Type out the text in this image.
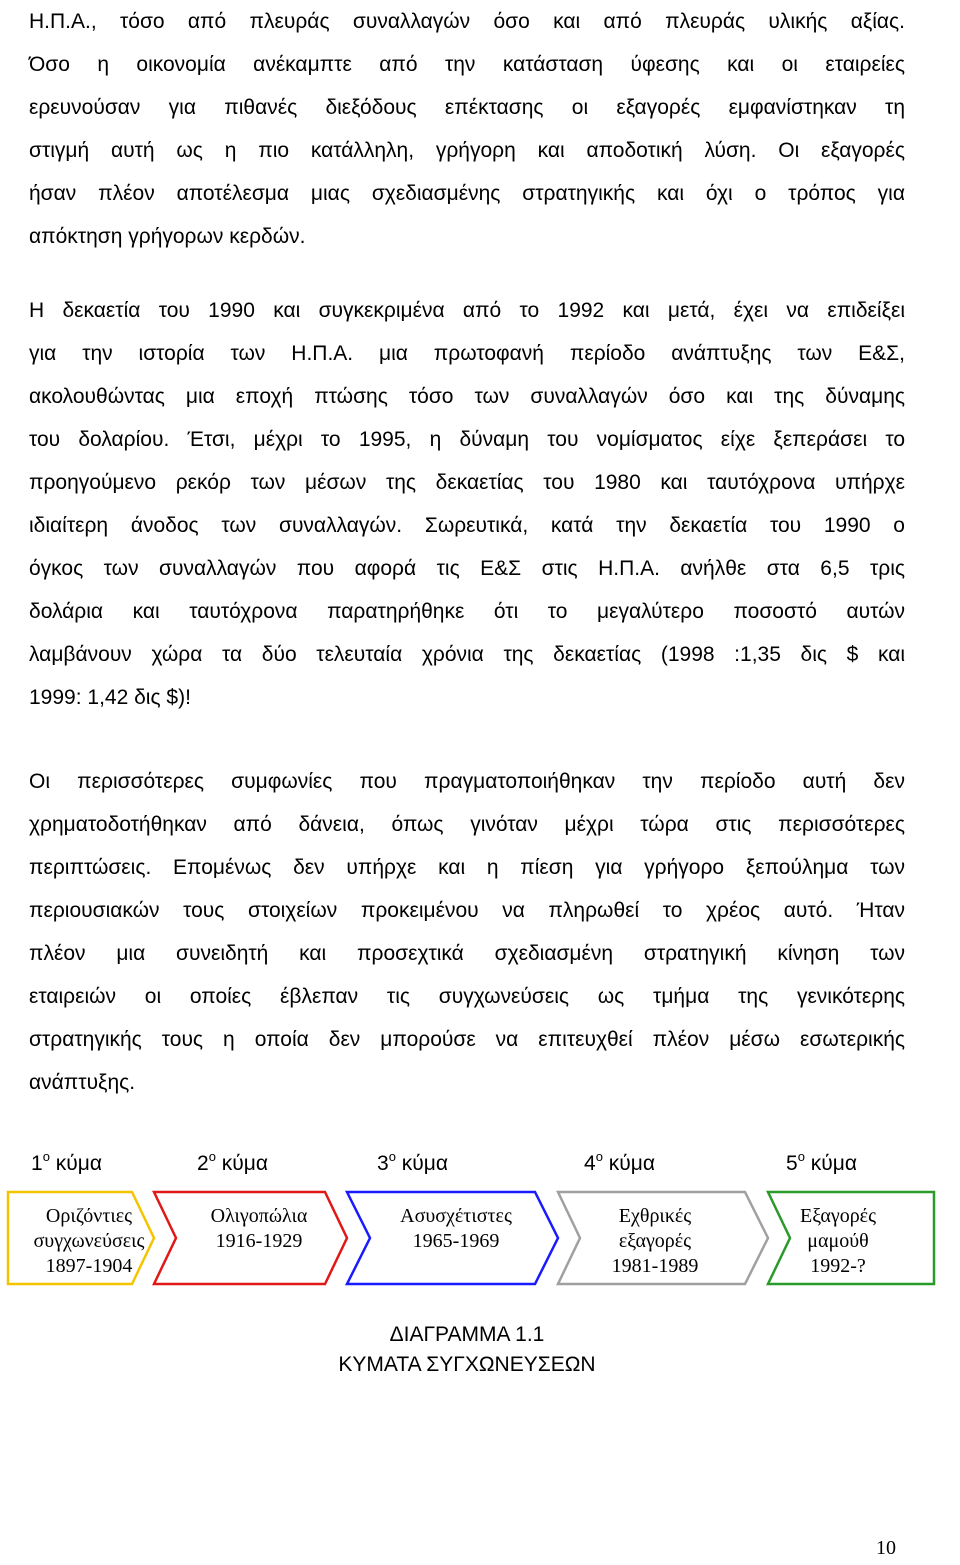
Η.Π.Α., τόσο από πλευράς συναλλαγών όσο και από πλευράς υλικής αξίας.
Όσο η οικονομία ανέκαμπτε από την κατάσταση ύφεσης και οι εταιρείες
ερευνούσαν για πιθανές διεξόδους επέκτασης οι εξαγορές εμφανίστηκαν τη
στιγμή αυτή ως η πιο κατάλληλη, γρήγορη και αποδοτική λύση. Οι εξαγορές
ήσαν πλέον αποτέλεσμα μιας σχεδιασμένης στρατηγικής και όχι ο τρόπος για
απόκτηση γρήγορων κερδών.
Η δεκαετία του 1990 και συγκεκριμένα από το 1992 και μετά, έχει να επιδείξει
για την ιστορία των Η.Π.Α. μια πρωτοφανή περίοδο ανάπτυξης των Ε&Σ,
ακολουθώντας μια εποχή πτώσης τόσο των συναλλαγών όσο και της δύναμης
του δολαρίου. Έτσι, μέχρι το 1995, η δύναμη του νομίσματος είχε ξεπεράσει το
προηγούμενο ρεκόρ των μέσων της δεκαετίας του 1980 και ταυτόχρονα υπήρχε
ιδιαίτερη άνοδος των συναλλαγών. Σωρευτικά, κατά την δεκαετία του 1990 ο
όγκος των συναλλαγών που αφορά τις Ε&Σ στις Η.Π.Α. ανήλθε στα 6,5 τρις
δολάρια και ταυτόχρονα παρατηρήθηκε ότι το μεγαλύτερο ποσοστό αυτών
λαμβάνουν χώρα τα δύο τελευταία χρόνια της δεκαετίας (1998 :1,35 δις $ και
1999: 1,42 δις $)!
Οι περισσότερες συμφωνίες που πραγματοποιήθηκαν την περίοδο αυτή δεν
χρηματοδοτήθηκαν από δάνεια, όπως γινόταν μέχρι τώρα στις περισσότερες
περιπτώσεις. Επομένως δεν υπήρχε και η πίεση για γρήγορο ξεπούλημα των
περιουσιακών τους στοιχείων προκειμένου να πληρωθεί το χρέος αυτό. Ήταν
πλέον μια συνειδητή και προσεχτικά σχεδιασμένη στρατηγική κίνηση των
εταιρειών οι οποίες έβλεπαν τις συγχωνεύσεις ως τμήμα της γενικότερης
στρατηγικής τους η οποία δεν μπορούσε να επιτευχθεί πλέον μέσω εσωτερικής
ανάπτυξης.
$1^o$ κύμα	$2^o$ κύμα	$3^o$ κύμα	$4^o$ κύμα	$5^o$ κύμα
Οριζόντιες
συγχωνεύσεις
1897-1904
Ολιγοπώλια
1916-1929
Ασυσχέτιστες
1965-1969
Εχθρικές
εξαγορές
1981-1989
Εξαγορές
μαμούθ
1992-?
ΔΙΑΓΡΑΜΜΑ 1.1
ΚΥΜΑΤΑ ΣΥΓΧΩΝΕΥΣΕΩΝ
10
